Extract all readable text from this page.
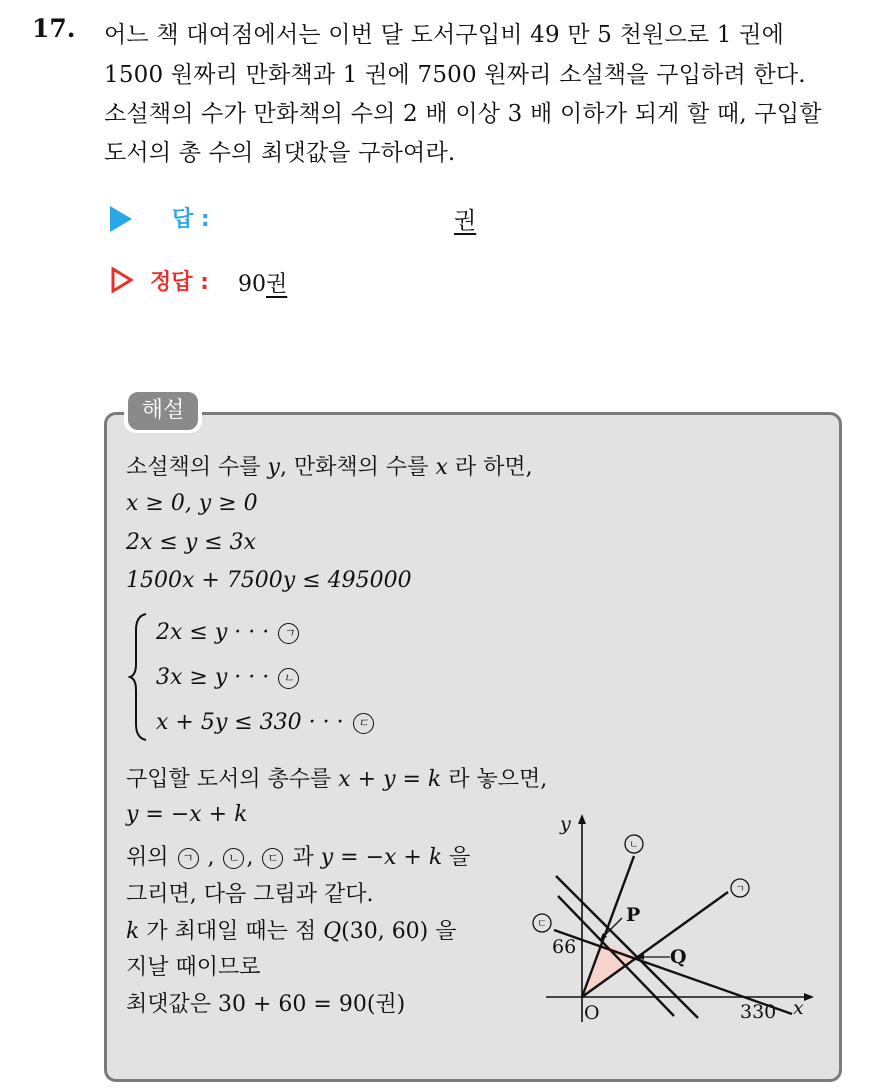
17. 어느 책 대여점에서는 이번 달 도서구입비 49 만 5 천원으로 1 권에
1500 원짜리 만화책과 1 권에 7500 원짜리 소설책을 구입하려 한다.
소설책의 수가 만화책의 수의 2 배 이상 3 배 이하가 되게 할 때, 구입할
도서의 총 수의 최댓값을 구하여라.
답 :	권
정답 : 90권
해설
소설책의 수를 y, 만화책의 수를 x 라 하면,
x ≥ 0, y ≥ 0
2x ≤ y ≤ 3x
1500x + 7500y ≤ 495000
2x ≤ y · · · ㄱ
3x ≥ y · · · ㄴ
x + 5y ≤ 330 · · · ㄷ
구입할 도서의 총수를 x + y = k 라 놓으면,
y = −x + k
위의 ㄱ , ㄴ , ㄷ 과 y = −x + k 을
그리면, 다음 그림과 같다.
k 가 최대일 때는 점 Q(30, 60) 을
지날 때이므로
최댓값은 30 + 60 = 90(권)
y
x
O
66
330
P
Q
ㄴ
ㄱ
ㄷ
